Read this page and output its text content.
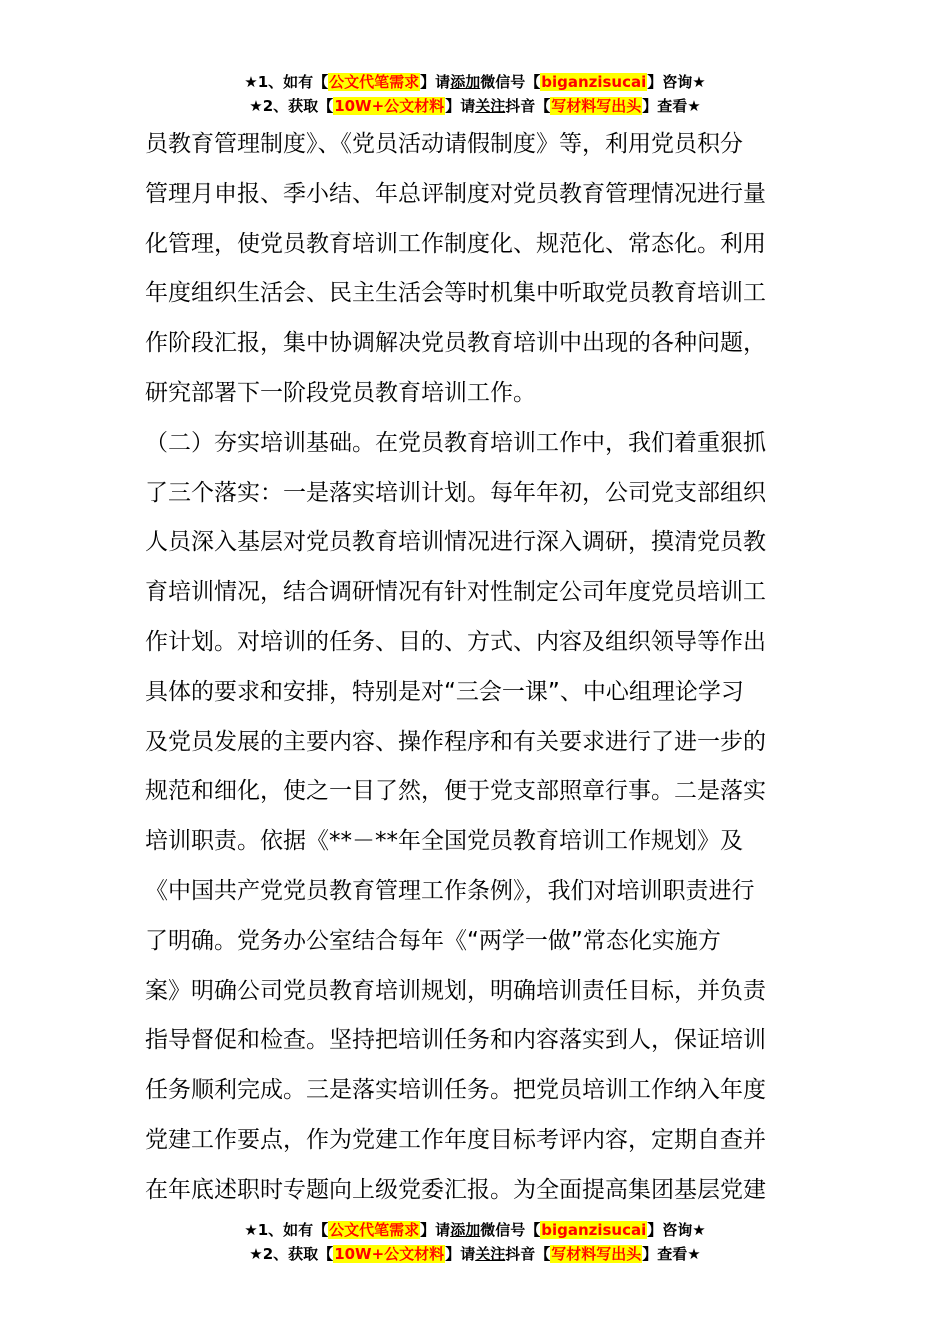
★1、如有【公文代笔需求】请添加微信号【biganzisucai】咨询★
★2、获取【10W+公文材料】请关注抖音【写材料写出头】查看★
员教育管理制度》、《党员活动请假制度》等，利用党员积分
管理月申报、季小结、年总评制度对党员教育管理情况进行量
化管理，使党员教育培训工作制度化、规范化、常态化。利用
年度组织生活会、民主生活会等时机集中听取党员教育培训工
作阶段汇报，集中协调解决党员教育培训中出现的各种问题，
研究部署下一阶段党员教育培训工作。
（二）夯实培训基础。在党员教育培训工作中，我们着重狠抓
了三个落实：一是落实培训计划。每年年初，公司党支部组织
人员深入基层对党员教育培训情况进行深入调研，摸清党员教
育培训情况，结合调研情况有针对性制定公司年度党员培训工
作计划。对培训的任务、目的、方式、内容及组织领导等作出
具体的要求和安排，特别是对“三会一课”、中心组理论学习
及党员发展的主要内容、操作程序和有关要求进行了进一步的
规范和细化，使之一目了然，便于党支部照章行事。二是落实
培训职责。依据《**－**年全国党员教育培训工作规划》及
《中国共产党党员教育管理工作条例》，我们对培训职责进行
了明确。党务办公室结合每年《“两学一做”常态化实施方
案》明确公司党员教育培训规划，明确培训责任目标，并负责
指导督促和检查。坚持把培训任务和内容落实到人，保证培训
任务顺利完成。三是落实培训任务。把党员培训工作纳入年度
党建工作要点，作为党建工作年度目标考评内容，定期自查并
在年底述职时专题向上级党委汇报。为全面提高集团基层党建
★1、如有【公文代笔需求】请添加微信号【biganzisucai】咨询★
★2、获取【10W+公文材料】请关注抖音【写材料写出头】查看★
